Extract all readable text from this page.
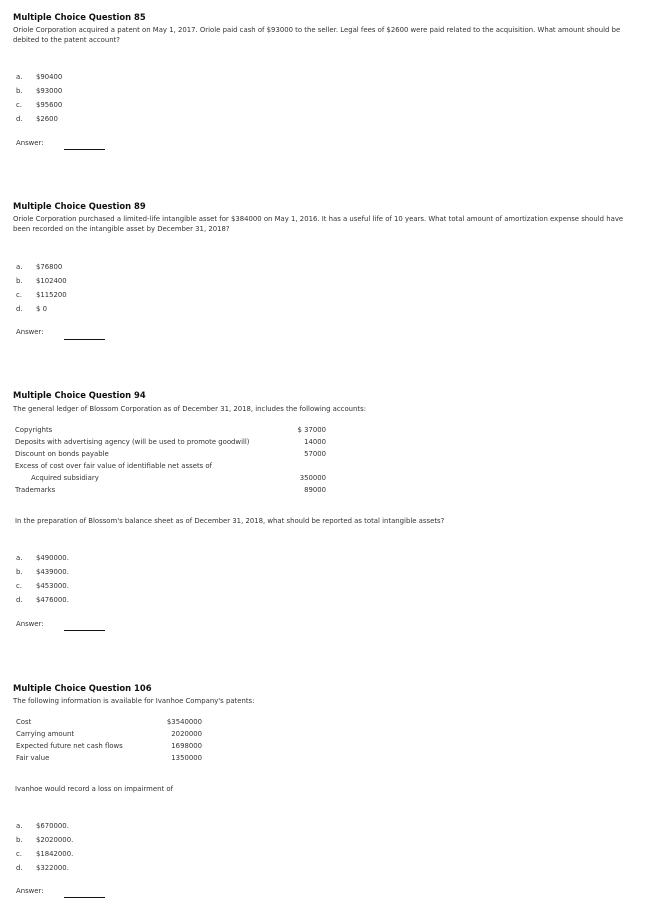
Multiple Choice Question 85
Oriole Corporation acquired a patent on May 1, 2017. Oriole paid cash of $93000 to the seller. Legal fees of $2600 were paid related to the acquisition. What amount should be debited to the patent account?
a. $90400
b. $93000
c. $95600
d. $2600
Answer:
Multiple Choice Question 89
Oriole Corporation purchased a limited-life intangible asset for $384000 on May 1, 2016. It has a useful life of 10 years. What total amount of amortization expense should have been recorded on the intangible asset by December 31, 2018?
a. $76800
b. $102400
c. $115200
d. $ 0
Answer:
Multiple Choice Question 94
The general ledger of Blossom Corporation as of December 31, 2018, includes the following accounts:
Copyrights	$ 37000
Deposits with advertising agency (will be used to promote goodwill)	14000
Discount on bonds payable	57000
Excess of cost over fair value of identifiable net assets of
Acquired subsidiary	350000
Trademarks	89000
In the preparation of Blossom's balance sheet as of December 31, 2018, what should be reported as total intangible assets?
a. $490000.
b. $439000.
c. $453000.
d. $476000.
Answer:
Multiple Choice Question 106
The following information is available for Ivanhoe Company's patents:
Cost	$3540000
Carrying amount	2020000
Expected future net cash flows	1698000
Fair value	1350000
Ivanhoe would record a loss on impairment of
a. $670000.
b. $2020000.
c. $1842000.
d. $322000.
Answer:
